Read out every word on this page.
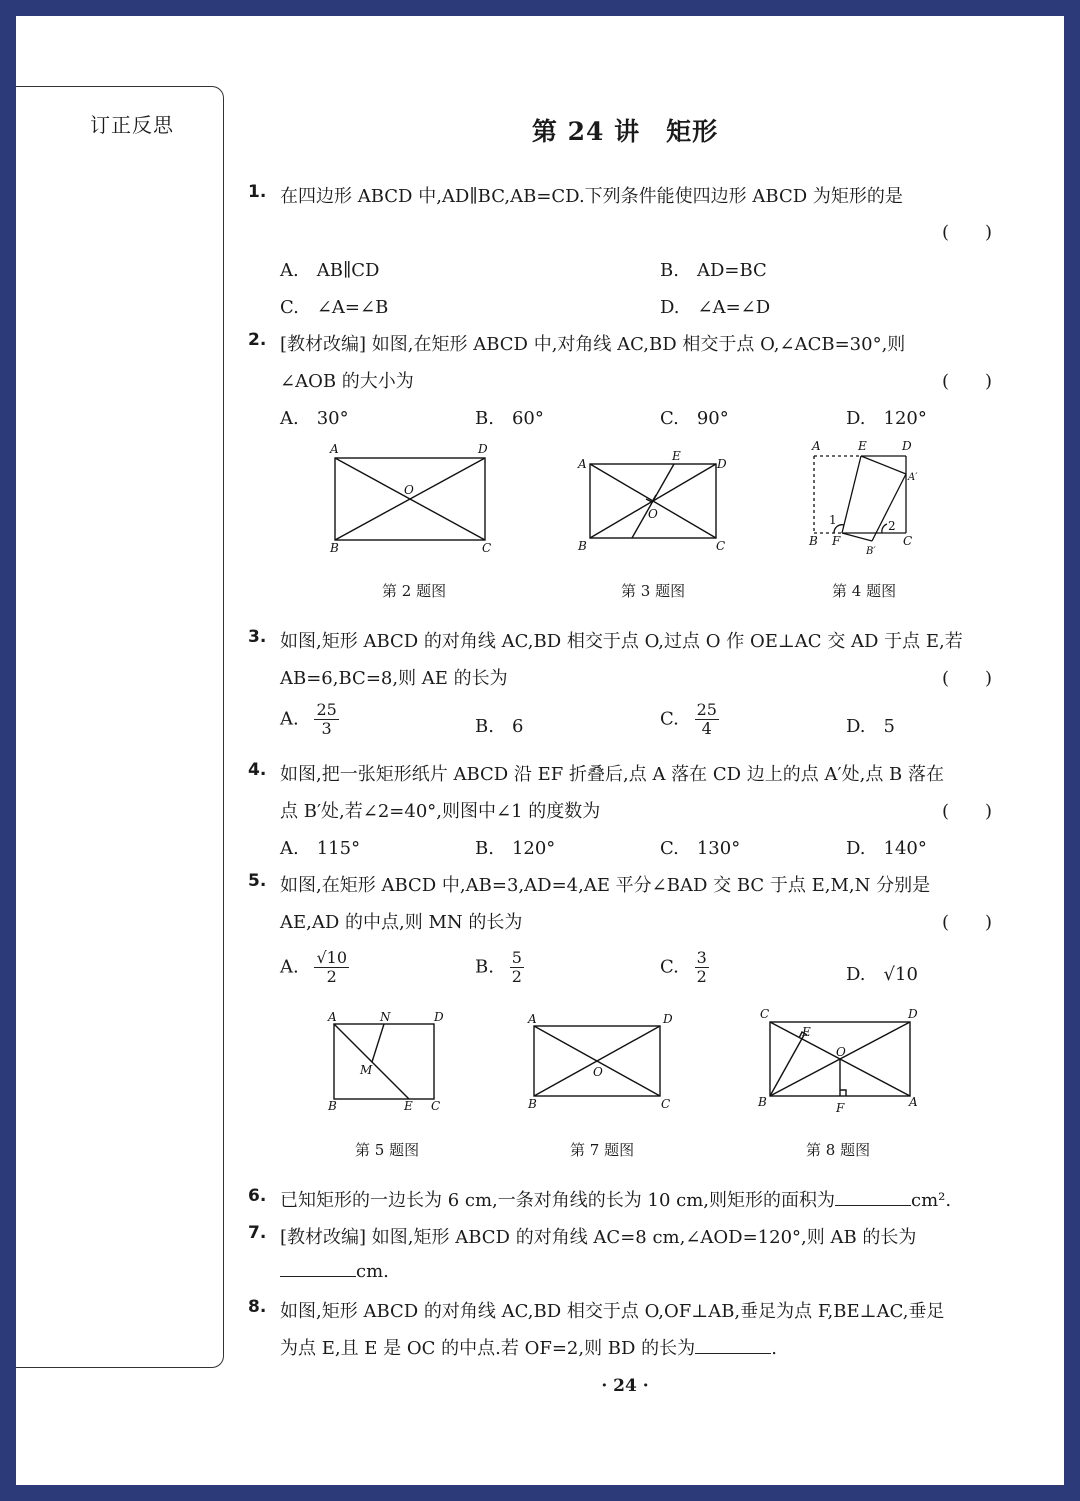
订正反思	第 24 讲　矩形
1. 在四边形 ABCD 中,AD∥BC,AB=CD.下列条件能使四边形 ABCD 为矩形的是
(　　)
A.　AB∥CD	B.　AD=BC
C.　∠A=∠B	D.　∠A=∠D
2. [教材改编] 如图,在矩形 ABCD 中,对角线 AC,BD 相交于点 O,∠ACB=30°,则
∠AOB 的大小为	(　　)
A.　30°	B.　60°	C.　90°	D.　120°
A	D
O
B	C
第 2 题图
A
E
D
O
B	C
第 3 题图
A	E	D
A′
1	2
B F
B′
C
第 4 题图
3. 如图,矩形 ABCD 的对角线 AC,BD 相交于点 O,过点 O 作 OE⊥AC 交 AD 于点 E,若
AB=6,BC=8,则 AE 的长为	(　　)
A. $\frac{25}{3}$	B.　 6	C. $\frac{25}{4}$	D.　 5
4. 如图,把一张矩形纸片 ABCD 沿 EF 折叠后,点 A 落在 CD 边上的点 A′处,点 B 落在
点 B′处,若∠2=40°,则图中∠1 的度数为	(　　)
A.　115°	B.　120°	C.　130°	D.　140°
5. 如图,在矩形 ABCD 中,AB=3,AD=4,AE 平分∠BAD 交 BC 于点 E,M,N 分别是
AE,AD 的中点,则 MN 的长为	(　　)
A. $\frac{√10}{2}$	B. $\frac{5}{2}$	C. $\frac{3}{2}$	D.　 √10
A	N	D
M
B	E C
第 5 题图
A	D
O
B	C
第 7 题图
C
E
D
O
B	F	A
第 8 题图
6. 已知矩形的一边长为 6 cm,一条对角线的长为 10 cm,则矩形的面积为	cm².
7. [教材改编] 如图,矩形 ABCD 的对角线 AC=8 cm,∠AOD=120°,则 AB 的长为
cm.
8. 如图,矩形 ABCD 的对角线 AC,BD 相交于点 O,OF⊥AB,垂足为点 F,BE⊥AC,垂足
为点 E,且 E 是 OC 的中点.若 OF=2,则 BD 的长为	.
· 24 ·
